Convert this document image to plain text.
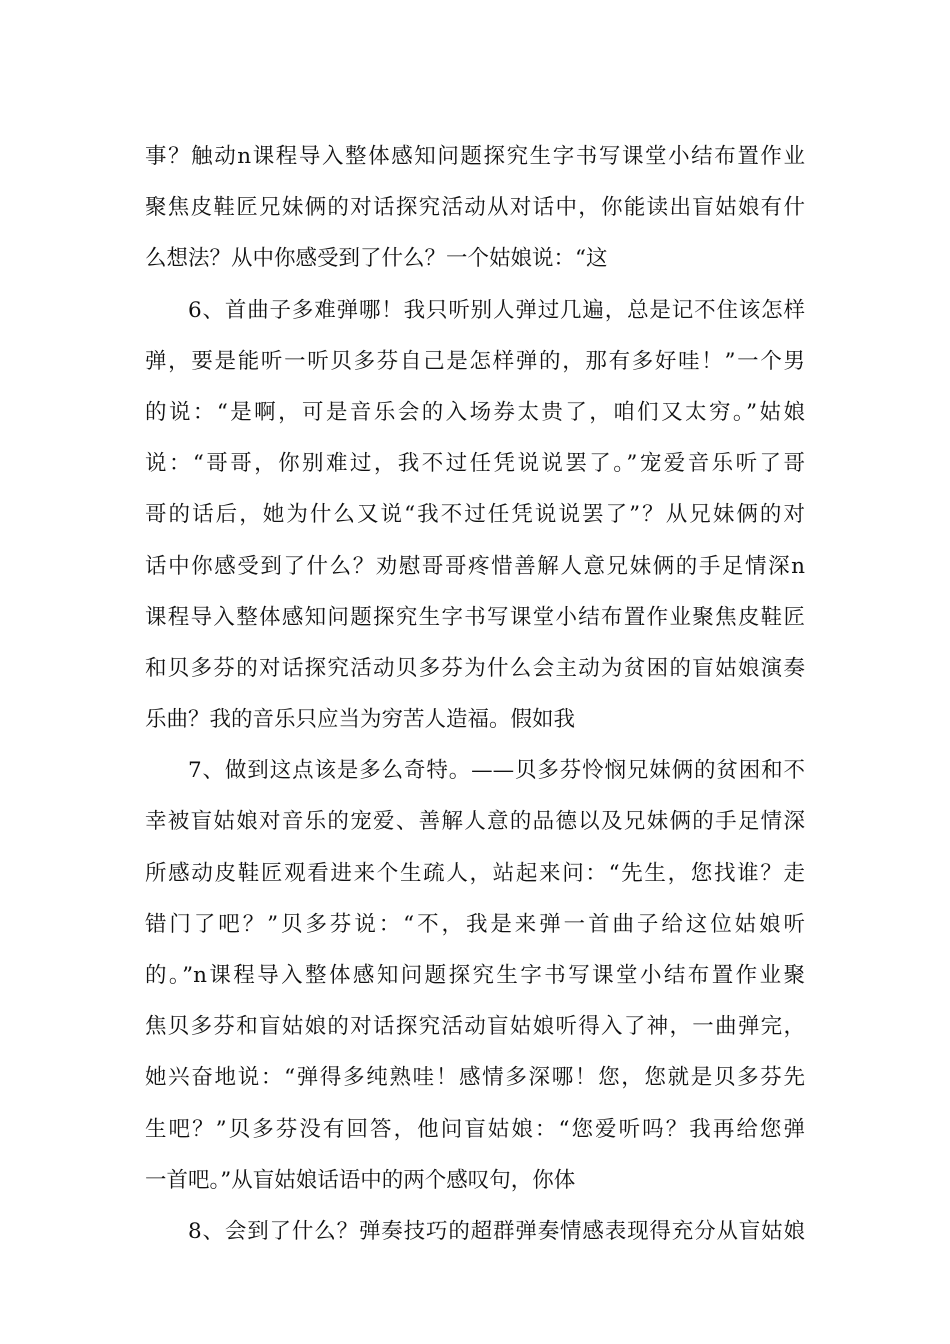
事？触动n课程导入整体感知问题探究生字书写课堂小结布置作业
聚焦皮鞋匠兄妹俩的对话探究活动从对话中，你能读出盲姑娘有什
么想法？从中你感受到了什么？一个姑娘说：“这
6、首曲子多难弹哪！我只听别人弹过几遍，总是记不住该怎样
弹，要是能听一听贝多芬自己是怎样弹的，那有多好哇！”一个男
的说：“是啊，可是音乐会的入场券太贵了，咱们又太穷。”姑娘
说：“哥哥，你别难过，我不过任凭说说罢了。”宠爱音乐听了哥
哥的话后，她为什么又说“我不过任凭说说罢了”？从兄妹俩的对
话中你感受到了什么？劝慰哥哥疼惜善解人意兄妹俩的手足情深n
课程导入整体感知问题探究生字书写课堂小结布置作业聚焦皮鞋匠
和贝多芬的对话探究活动贝多芬为什么会主动为贫困的盲姑娘演奏
乐曲？我的音乐只应当为穷苦人造福。假如我
7、做到这点该是多么奇特。——贝多芬怜悯兄妹俩的贫困和不
幸被盲姑娘对音乐的宠爱、善解人意的品德以及兄妹俩的手足情深
所感动皮鞋匠观看进来个生疏人，站起来问：“先生，您找谁？走
错门了吧？”贝多芬说：“不，我是来弹一首曲子给这位姑娘听
的。”n课程导入整体感知问题探究生字书写课堂小结布置作业聚
焦贝多芬和盲姑娘的对话探究活动盲姑娘听得入了神，一曲弹完，
她兴奋地说：“弹得多纯熟哇！感情多深哪！您，您就是贝多芬先
生吧？”贝多芬没有回答，他问盲姑娘：“您爱听吗？我再给您弹
一首吧。”从盲姑娘话语中的两个感叹句，你体
8、会到了什么？弹奏技巧的超群弹奏情感表现得充分从盲姑娘
